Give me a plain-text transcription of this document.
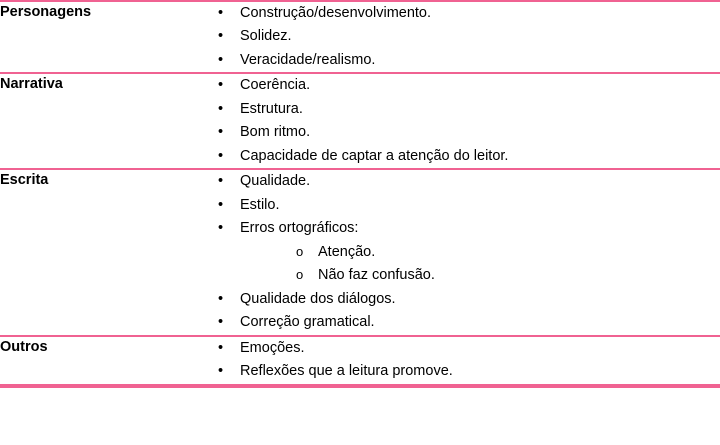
Personagens	• Construção/desenvolvimento.
• Solidez.
• Veracidade/realismo.

Narrativa	• Coerência.
• Estrutura.
• Bom ritmo.
• Capacidade de captar a atenção do leitor.

Escrita	• Qualidade.
• Estilo.
• Erros ortográficos:
o Atenção.
o Não faz confusão.
• Qualidade dos diálogos.
• Correção gramatical.

Outros	• Emoções.
• Reflexões que a leitura promove.
